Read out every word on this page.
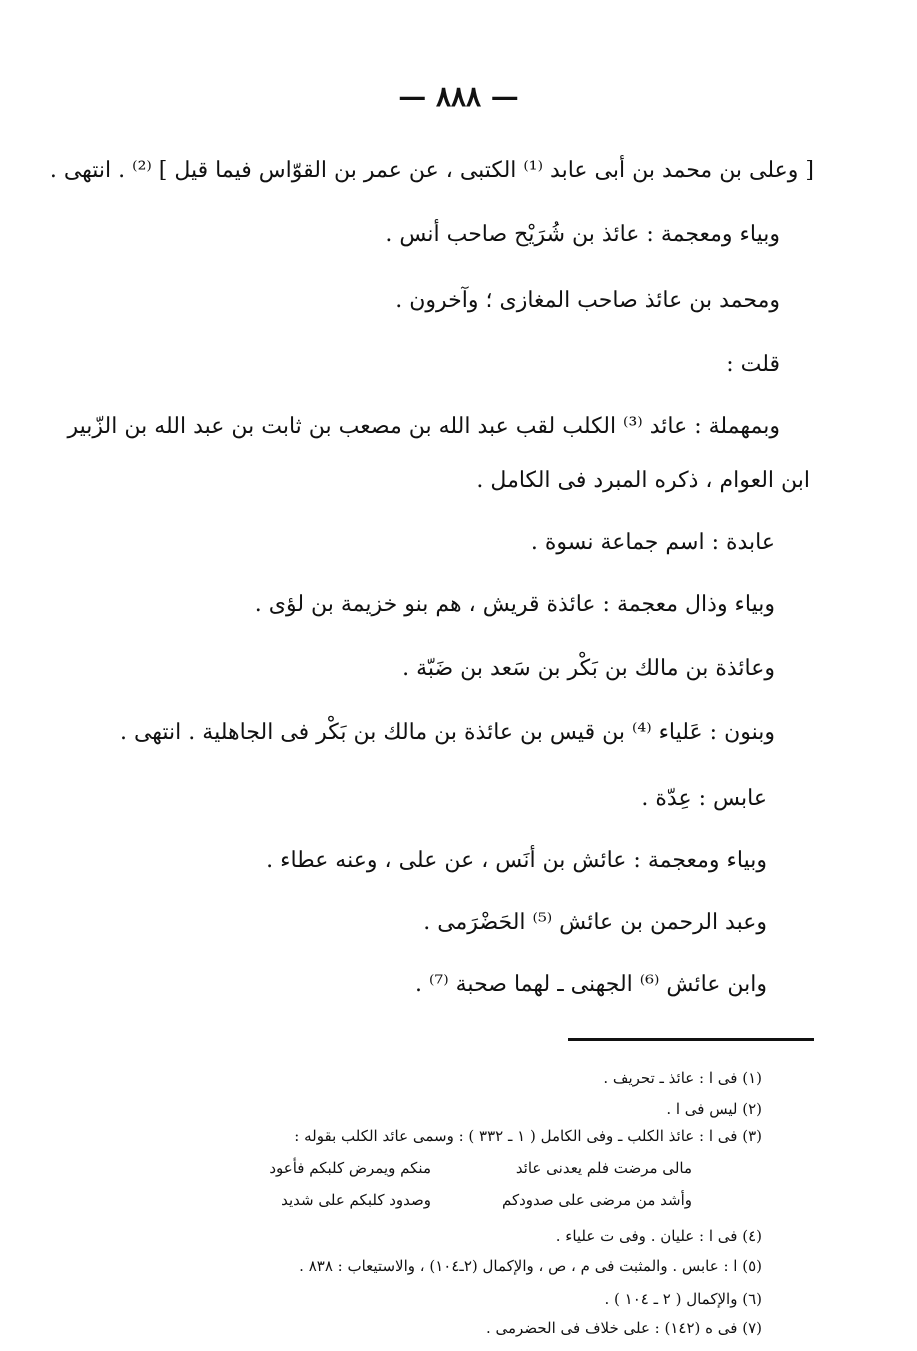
— ٨٨٨ —
[ وعلى بن محمد بن أبى عابد ⁽¹⁾ الكتبى ، عن عمر بن القوّاس فيما قيل ] ⁽²⁾ . انتهى .
وبياء ومعجمة : عائذ بن شُرَيْح صاحب أنس .
ومحمد بن عائذ صاحب المغازى ؛ وآخرون .
قلت :
وبمهملة : عائد ⁽³⁾ الكلب لقب عبد الله بن مصعب بن ثابت بن عبد الله بن الزّبير
ابن العوام ، ذكره المبرد فى الكامل .
عابدة : اسم جماعة نسوة .
وبياء وذال معجمة : عائذة قريش ، هم بنو خزيمة بن لؤى .
وعائذة بن مالك بن بَكْر بن سَعد بن ضَبّة .
وبنون : عَلياء ⁽⁴⁾ بن قيس بن عائذة بن مالك بن بَكْر فى الجاهلية . انتهى .
عابس : عِدّة .
وبياء ومعجمة : عائش بن أنَس ، عن على ، وعنه عطاء .
وعبد الرحمن بن عائش ⁽⁵⁾ الحَضْرَمى .
وابن عائش ⁽⁶⁾ الجهنى ـ لهما صحبة ⁽⁷⁾ .
(١) فى ا : عائذ ـ تحريف .
(٢) ليس فى ا .
(٣) فى ا : عائذ الكلب ـ وفى الكامل ( ١ ـ ٣٣٢ ) : وسمى عائد الكلب بقوله :
مالى مرضت فلم يعدنى عائد
منكم ويمرض كلبكم فأعود
وأشد من مرضى على صدودكم
وصدود كلبكم على شديد
(٤) فى ا : عليان . وفى ت علياء .
(٥) ا : عابس . والمثبت فى م ، ص ، والإكمال (٢ـ١٠٤) ، والاستيعاب : ٨٣٨ .
(٦) والإكمال ( ٢ ـ ١٠٤ ) .
(٧) فى ه (١٤٢) : على خلاف فى الحضرمى .
